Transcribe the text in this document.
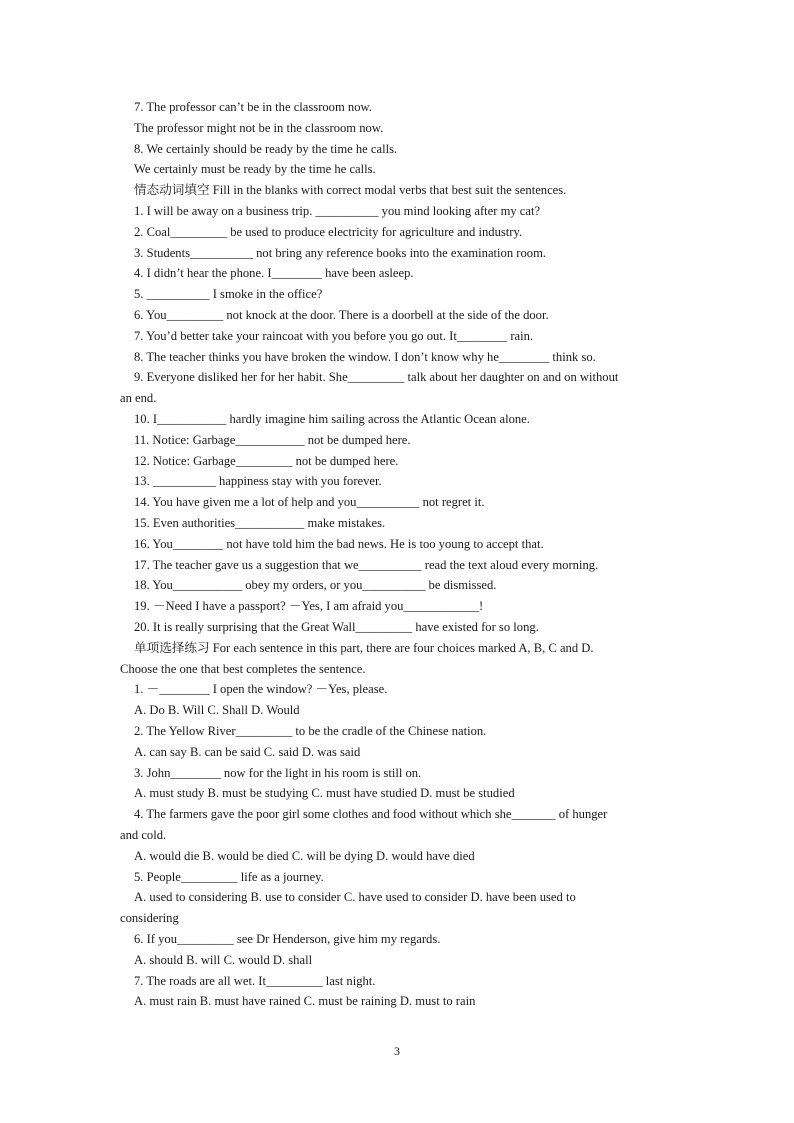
7. The professor can’t be in the classroom now.
The professor might not be in the classroom now.
8. We certainly should be ready by the time he calls.
We certainly must be ready by the time he calls.
情态动词填空 Fill in the blanks with correct modal verbs that best suit the sentences.
1. I will be away on a business trip. __________ you mind looking after my cat?
2. Coal_________ be used to produce electricity for agriculture and industry.
3. Students__________ not bring any reference books into the examination room.
4. I didn’t hear the phone. I________ have been asleep.
5. __________ I smoke in the office?
6. You_________ not knock at the door. There is a doorbell at the side of the door.
7. You’d better take your raincoat with you before you go out. It________ rain.
8. The teacher thinks you have broken the window. I don’t know why he________ think so.
9. Everyone disliked her for her habit. She_________ talk about her daughter on and on without
an end.
10. I___________ hardly imagine him sailing across the Atlantic Ocean alone.
11. Notice: Garbage___________ not be dumped here.
12. Notice: Garbage_________ not be dumped here.
13. __________ happiness stay with you forever.
14. You have given me a lot of help and you__________ not regret it.
15. Even authorities___________ make mistakes.
16. You________ not have told him the bad news. He is too young to accept that.
17. The teacher gave us a suggestion that we__________ read the text aloud every morning.
18. You___________ obey my orders, or you__________ be dismissed.
19. －Need I have a passport? －Yes, I am afraid you____________!
20. It is really surprising that the Great Wall_________ have existed for so long.
单项选择练习 For each sentence in this part, there are four choices marked A, B, C and D.
Choose the one that best completes the sentence.
1. －________ I open the window? －Yes, please.
A. Do B. Will C. Shall D. Would
2. The Yellow River_________ to be the cradle of the Chinese nation.
A. can say B. can be said C. said D. was said
3. John________ now for the light in his room is still on.
A. must study B. must be studying C. must have studied D. must be studied
4. The farmers gave the poor girl some clothes and food without which she_______ of hunger
and cold.
A. would die B. would be died C. will be dying D. would have died
5. People_________ life as a journey.
A. used to considering B. use to consider C. have used to consider D. have been used to
considering
6. If you_________ see Dr Henderson, give him my regards.
A. should B. will C. would D. shall
7. The roads are all wet. It_________ last night.
A. must rain B. must have rained C. must be raining D. must to rain
3
